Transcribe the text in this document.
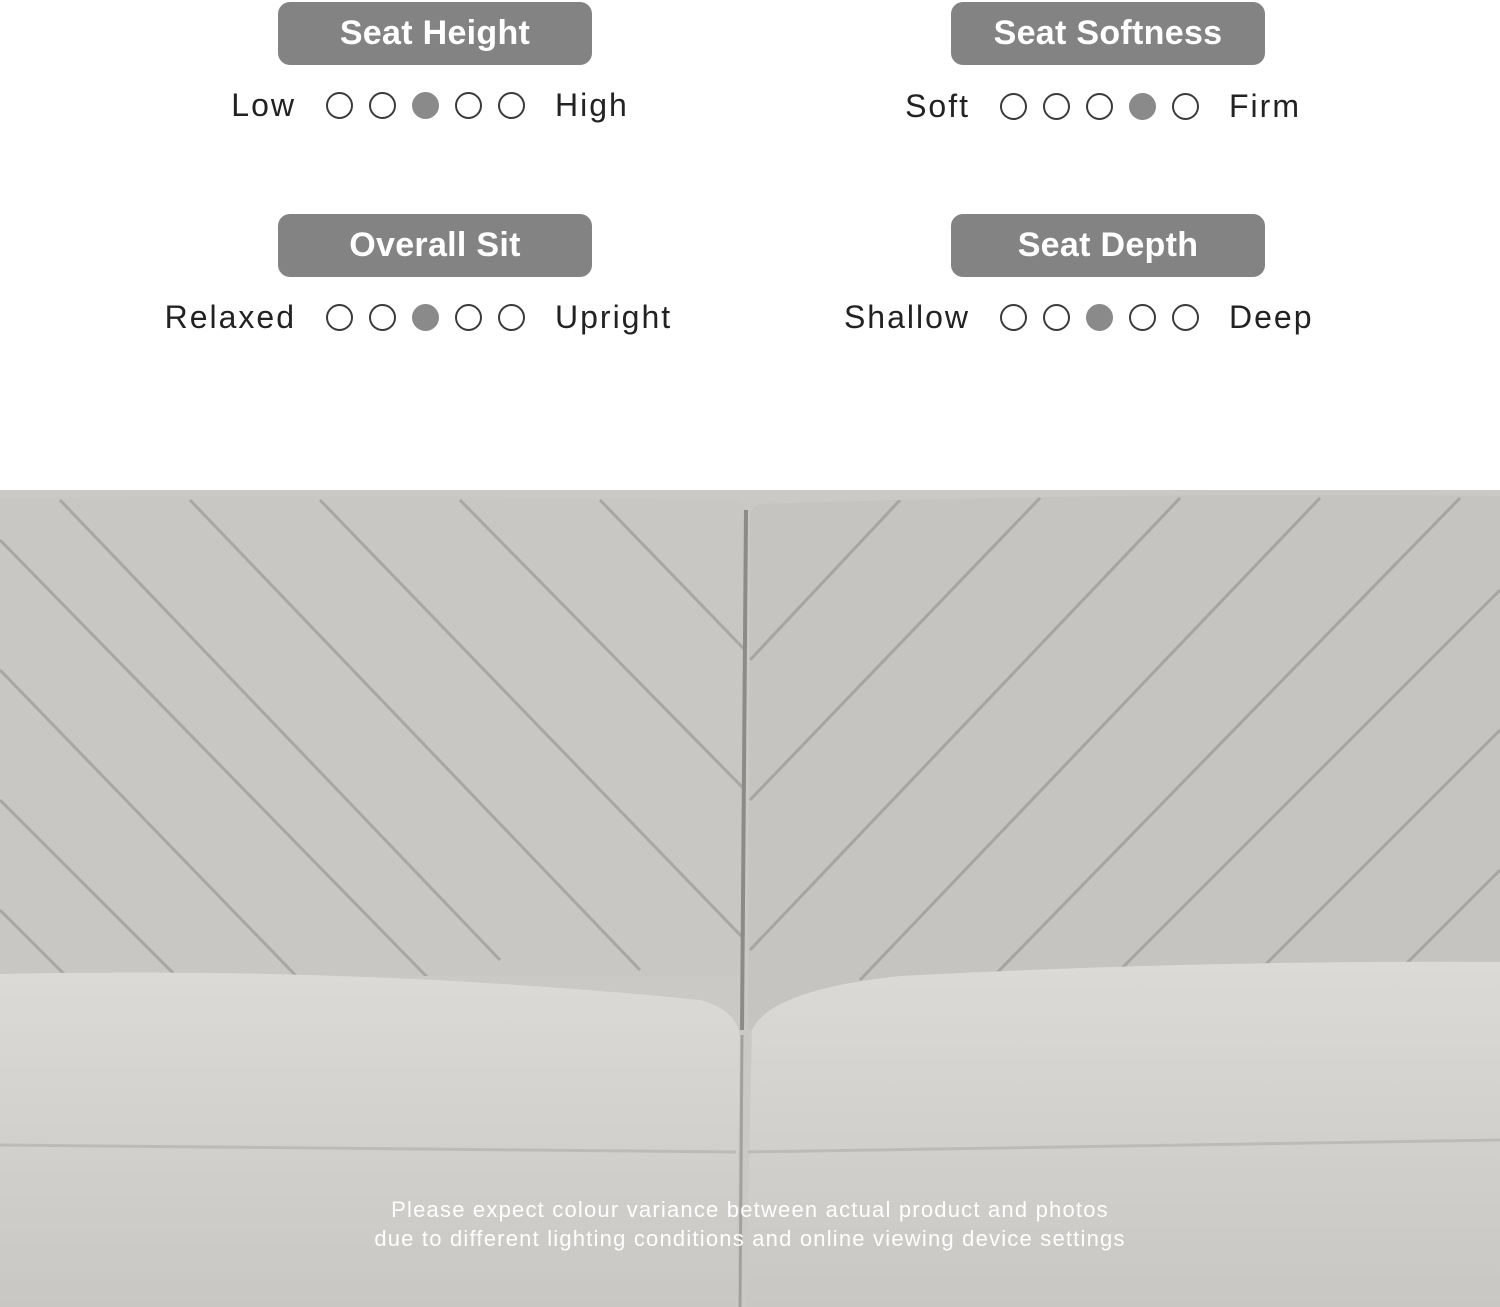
Seat Height
Low	High
Seat Softness
Soft	Firm
Overall Sit
Relaxed	Upright
Seat Depth
Shallow	Deep
Please expect colour variance between actual product and photos
due to different lighting conditions and online viewing device settings
